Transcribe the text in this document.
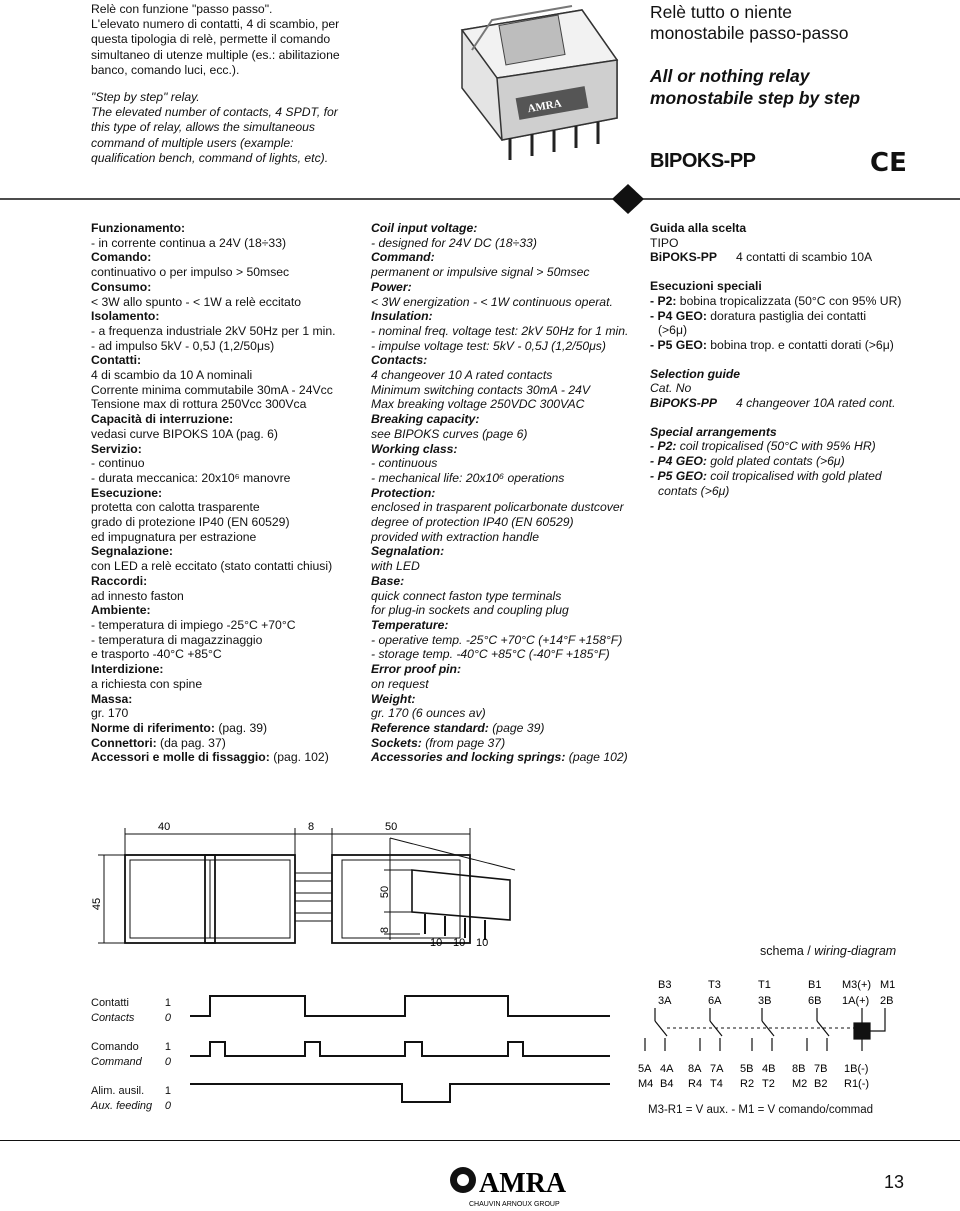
Relè con funzione "passo passo".

L'elevato numero di contatti, 4 di scambio, per

questa tipologia di relè, permette il comando

simultaneo di utenze multiple (es.: abilitazione

banco, comando luci, ecc.).

"Step by step" relay.

The elevated number of contacts, 4 SPDT, for

this type of relay, allows the simultaneous

command of multiple users (example:

qualification bench, command of lights, etc).

AMRA
Relè tutto o niente
monostabile passo-passo
All or nothing relay
monostabile step by step
BIPOKS-PP	CE

Funzionamento:

- in corrente continua a 24V (18÷33)

Comando:

continuativo o per impulso > 50msec

Consumo:

< 3W allo spunto - < 1W a relè eccitato

Isolamento:

- a frequenza industriale 2kV 50Hz per 1 min.

- ad impulso 5kV - 0,5J (1,2/50μs)

Contatti:

4 di scambio da 10 A nominali

Corrente minima commutabile 30mA - 24Vcc

Tensione max di rottura 250Vcc 300Vca

Capacità di interruzione:

vedasi curve BIPOKS 10A (pag. 6)

Servizio:

- continuo

- durata meccanica: 20x10⁶ manovre

Esecuzione:

protetta con calotta trasparente

grado di protezione IP40 (EN 60529)

ed impugnatura per estrazione

Segnalazione:

con LED a relè eccitato (stato contatti chiusi)

Raccordi:

ad innesto faston

Ambiente:

- temperatura di impiego -25°C +70°C

- temperatura di magazzinaggio

e trasporto -40°C +85°C

Interdizione:

a richiesta con spine

Massa:

gr. 170

Norme di riferimento: (pag. 39)

Connettori: (da pag. 37)

Accessori e molle di fissaggio: (pag. 102)

Coil input voltage:

- designed for 24V DC (18÷33)

Command:

permanent or impulsive signal > 50msec

Power:

< 3W energization - < 1W continuous operat.

Insulation:

- nominal freq. voltage test: 2kV 50Hz for 1 min.

- impulse voltage test: 5kV - 0,5J (1,2/50μs)

Contacts:

4 changeover 10 A rated contacts

Minimum switching contacts 30mA - 24V

Max breaking voltage 250VDC 300VAC

Breaking capacity:

see BIPOKS curves (page 6)

Working class:

- continuous

- mechanical life: 20x10⁶ operations

Protection:

enclosed in trasparent policarbonate dustcover

degree of protection IP40 (EN 60529)

provided with extraction handle

Segnalation:

with LED

Base:

quick connect faston type terminals

for plug-in sockets and coupling plug

Temperature:

- operative temp. -25°C +70°C (+14°F +158°F)

- storage temp. -40°C +85°C (-40°F +185°F)

Error proof pin:

on request

Weight:

gr. 170 (6 ounces av)

Reference standard: (page 39)

Sockets: (from page 37)

Accessories and locking springs: (page 102)

Guida alla scelta

TIPO

BiPOKS-PP	4 contatti di scambio 10A

Esecuzioni speciali

- P2: bobina tropicalizzata (50°C con 95% UR)

- P4 GEO: doratura pastiglia dei contatti

(>6μ)

- P5 GEO: bobina trop. e contatti dorati (>6μ)

Selection guide

Cat. No

BiPOKS-PP	4 changeover 10A rated cont.

Special arrangements

- P2: coil tropicalised (50°C with 95% HR)

- P4 GEO: gold plated contats (>6μ)

- P5 GEO: coil tropicalised with gold plated

contats (>6μ)

40	8	50
45
50
8
10 10 10
schema / wiring-diagram
Contatti	1
Contacts	0
Comando 1
Command 0
Alim. ausil. 1
Aux. feeding 0
B3	T3	T1	B1 M3(+) M1
3A	6A	3B	6B 1A(+) 2B
5A 4A 8A 7A 5B 4B 8B 7B 1B(-)
M4 B4 R4 T4 R2 T2 M2 B2 R1(-)
M3-R1 = V aux. - M1 = V comando/commad
AMRA
CHAUVIN ARNOUX GROUP
13
